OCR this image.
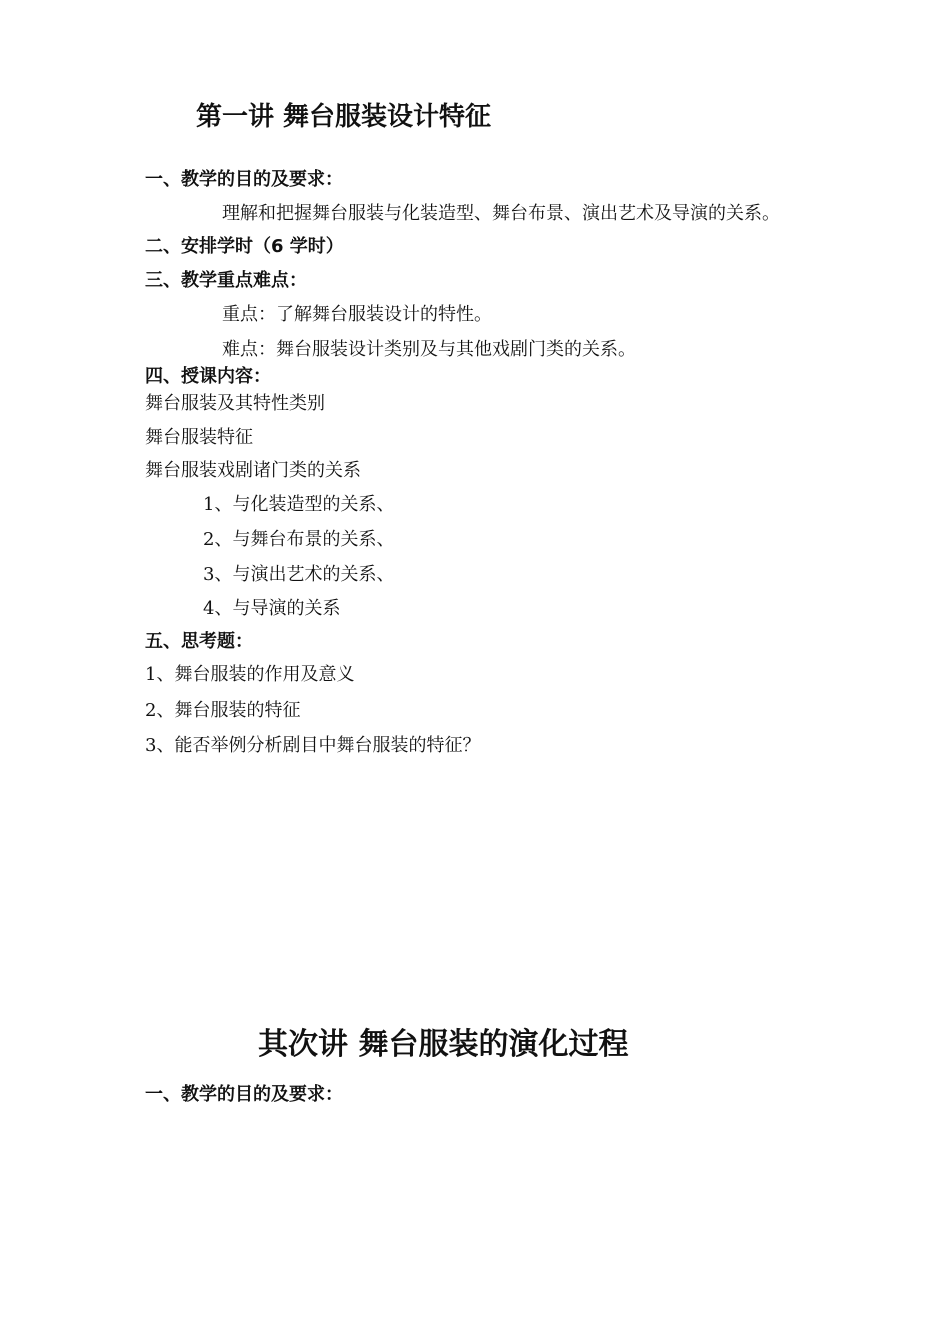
第一讲 舞台服装设计特征
一、教学的目的及要求：
理解和把握舞台服装与化装造型、舞台布景、演出艺术及导演的关系。
二、安排学时（6 学时）
三、教学重点难点：
重点：了解舞台服装设计的特性。
难点：舞台服装设计类别及与其他戏剧门类的关系。
四、授课内容：
舞台服装及其特性类别
舞台服装特征
舞台服装戏剧诸门类的关系
1、与化装造型的关系、
2、与舞台布景的关系、
3、与演出艺术的关系、
4、与导演的关系
五、思考题：
1、舞台服装的作用及意义
2、舞台服装的特征
3、能否举例分析剧目中舞台服装的特征？
其次讲 舞台服装的演化过程
一、教学的目的及要求：
